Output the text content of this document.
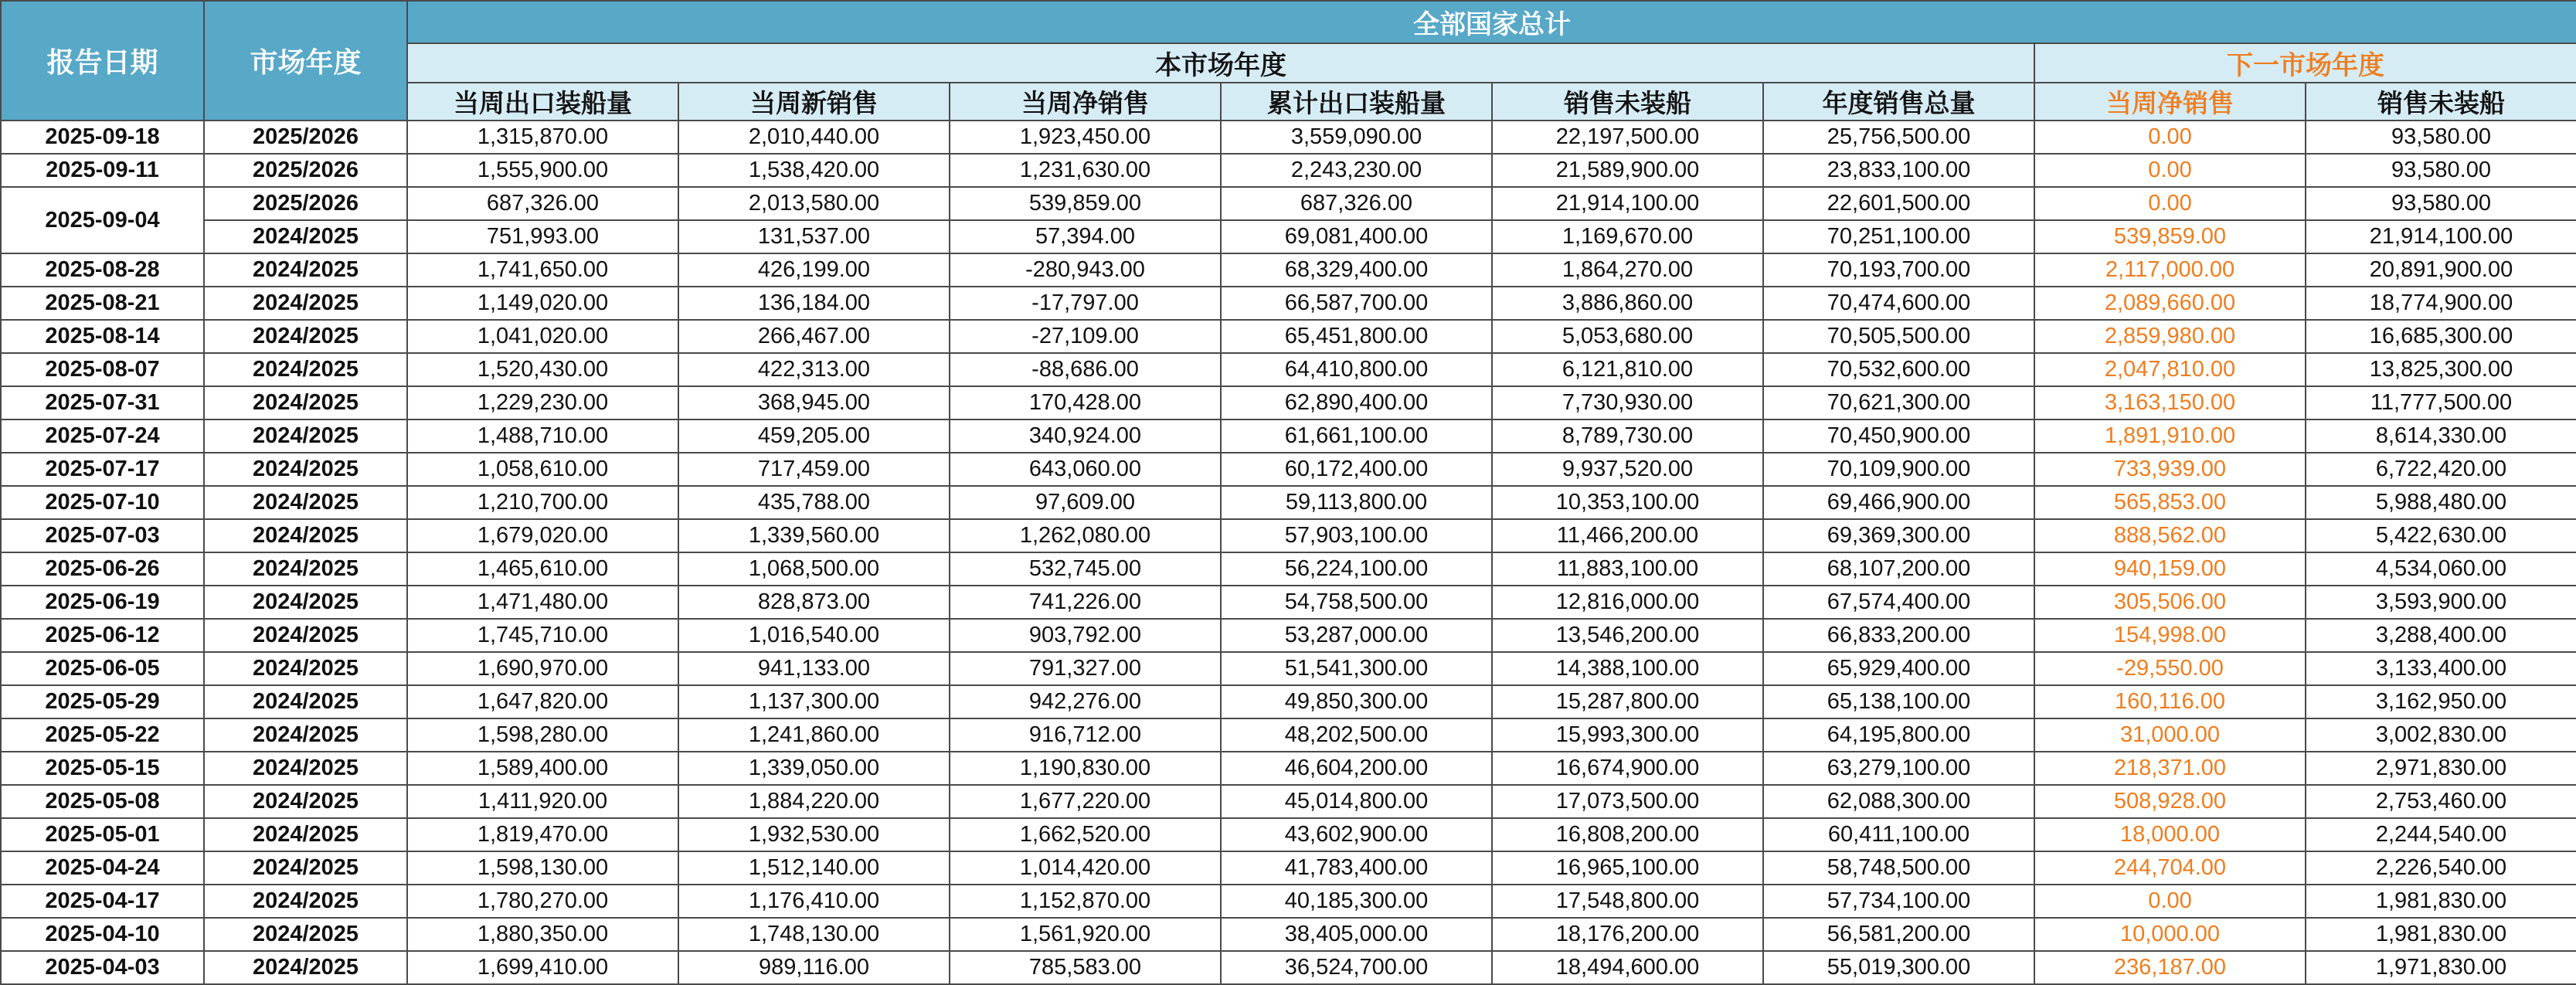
报告日期	市场年度	全部国家总计							
		本市场年度						下一市场年度	
		当周出口装船量	当周新销售	当周净销售	累计出口装船量	销售未装船	年度销售总量	当周净销售	销售未装船
2025-09-18	2025/2026	1,315,870.00	2,010,440.00	1,923,450.00	3,559,090.00	22,197,500.00	25,756,500.00	0.00	93,580.00
2025-09-11	2025/2026	1,555,900.00	1,538,420.00	1,231,630.00	2,243,230.00	21,589,900.00	23,833,100.00	0.00	93,580.00
2025-09-04	2025/2026	687,326.00	2,013,580.00	539,859.00	687,326.00	21,914,100.00	22,601,500.00	0.00	93,580.00
	2024/2025	751,993.00	131,537.00	57,394.00	69,081,400.00	1,169,670.00	70,251,100.00	539,859.00	21,914,100.00
2025-08-28	2024/2025	1,741,650.00	426,199.00	-280,943.00	68,329,400.00	1,864,270.00	70,193,700.00	2,117,000.00	20,891,900.00
2025-08-21	2024/2025	1,149,020.00	136,184.00	-17,797.00	66,587,700.00	3,886,860.00	70,474,600.00	2,089,660.00	18,774,900.00
2025-08-14	2024/2025	1,041,020.00	266,467.00	-27,109.00	65,451,800.00	5,053,680.00	70,505,500.00	2,859,980.00	16,685,300.00
2025-08-07	2024/2025	1,520,430.00	422,313.00	-88,686.00	64,410,800.00	6,121,810.00	70,532,600.00	2,047,810.00	13,825,300.00
2025-07-31	2024/2025	1,229,230.00	368,945.00	170,428.00	62,890,400.00	7,730,930.00	70,621,300.00	3,163,150.00	11,777,500.00
2025-07-24	2024/2025	1,488,710.00	459,205.00	340,924.00	61,661,100.00	8,789,730.00	70,450,900.00	1,891,910.00	8,614,330.00
2025-07-17	2024/2025	1,058,610.00	717,459.00	643,060.00	60,172,400.00	9,937,520.00	70,109,900.00	733,939.00	6,722,420.00
2025-07-10	2024/2025	1,210,700.00	435,788.00	97,609.00	59,113,800.00	10,353,100.00	69,466,900.00	565,853.00	5,988,480.00
2025-07-03	2024/2025	1,679,020.00	1,339,560.00	1,262,080.00	57,903,100.00	11,466,200.00	69,369,300.00	888,562.00	5,422,630.00
2025-06-26	2024/2025	1,465,610.00	1,068,500.00	532,745.00	56,224,100.00	11,883,100.00	68,107,200.00	940,159.00	4,534,060.00
2025-06-19	2024/2025	1,471,480.00	828,873.00	741,226.00	54,758,500.00	12,816,000.00	67,574,400.00	305,506.00	3,593,900.00
2025-06-12	2024/2025	1,745,710.00	1,016,540.00	903,792.00	53,287,000.00	13,546,200.00	66,833,200.00	154,998.00	3,288,400.00
2025-06-05	2024/2025	1,690,970.00	941,133.00	791,327.00	51,541,300.00	14,388,100.00	65,929,400.00	-29,550.00	3,133,400.00
2025-05-29	2024/2025	1,647,820.00	1,137,300.00	942,276.00	49,850,300.00	15,287,800.00	65,138,100.00	160,116.00	3,162,950.00
2025-05-22	2024/2025	1,598,280.00	1,241,860.00	916,712.00	48,202,500.00	15,993,300.00	64,195,800.00	31,000.00	3,002,830.00
2025-05-15	2024/2025	1,589,400.00	1,339,050.00	1,190,830.00	46,604,200.00	16,674,900.00	63,279,100.00	218,371.00	2,971,830.00
2025-05-08	2024/2025	1,411,920.00	1,884,220.00	1,677,220.00	45,014,800.00	17,073,500.00	62,088,300.00	508,928.00	2,753,460.00
2025-05-01	2024/2025	1,819,470.00	1,932,530.00	1,662,520.00	43,602,900.00	16,808,200.00	60,411,100.00	18,000.00	2,244,540.00
2025-04-24	2024/2025	1,598,130.00	1,512,140.00	1,014,420.00	41,783,400.00	16,965,100.00	58,748,500.00	244,704.00	2,226,540.00
2025-04-17	2024/2025	1,780,270.00	1,176,410.00	1,152,870.00	40,185,300.00	17,548,800.00	57,734,100.00	0.00	1,981,830.00
2025-04-10	2024/2025	1,880,350.00	1,748,130.00	1,561,920.00	38,405,000.00	18,176,200.00	56,581,200.00	10,000.00	1,981,830.00
2025-04-03	2024/2025	1,699,410.00	989,116.00	785,583.00	36,524,700.00	18,494,600.00	55,019,300.00	236,187.00	1,971,830.00
